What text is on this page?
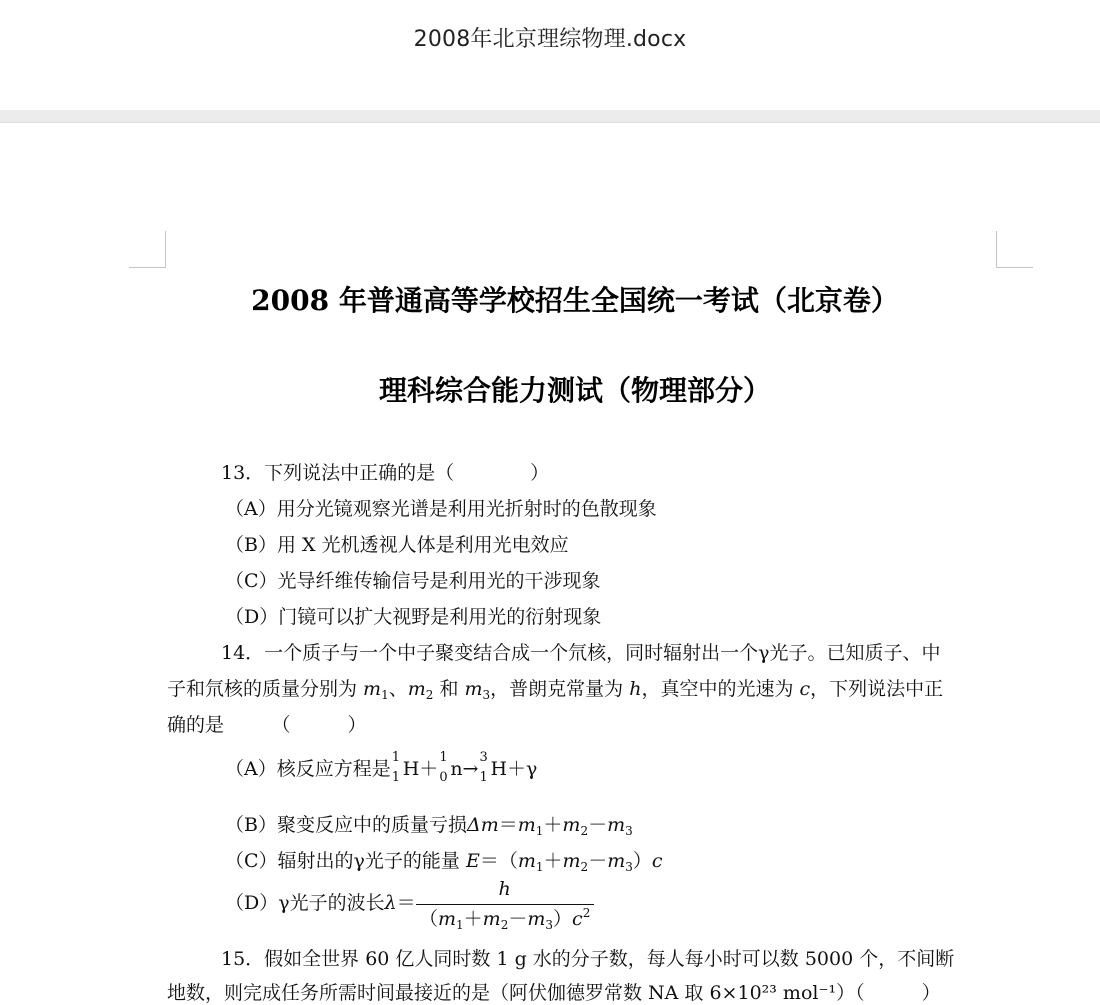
2008年北京理综物理.docx
2008 年普通高等学校招生全国统一考试（北京卷）
理科综合能力测试（物理部分）
13．下列说法中正确的是（　　　　）
（A）用分光镜观察光谱是利用光折射时的色散现象
（B）用 X 光机透视人体是利用光电效应
（C）光导纤维传输信号是利用光的干涉现象
（D）门镜可以扩大视野是利用光的衍射现象
14．一个质子与一个中子聚变结合成一个氘核，同时辐射出一个γ光子。已知质子、中
子和氘核的质量分别为 $m_1$、$m_2$ 和 $m_3$，普朗克常量为 h，真空中的光速为 c，下列说法中正
确的是　　　（　　　）
（A）核反应方程是
1
1 H＋
1
0 n→
3
1 H＋γ
（B）聚变反应中的质量亏损$\Delta m=m_1+m_2-m_3$
（C）辐射出的γ光子的能量 $E=(m_1+m_2-m_3)c$
（D）γ光子的波长$\lambda= \frac{h}{(m_1+m_2-m_3)c^2}$
15．假如全世界 60 亿人同时数 1 g 水的分子数，每人每小时可以数 5000 个，不间断
地数，则完成任务所需时间最接近的是（阿伏伽德罗常数 NA 取 6×10²³ mol⁻¹）（　　　）
